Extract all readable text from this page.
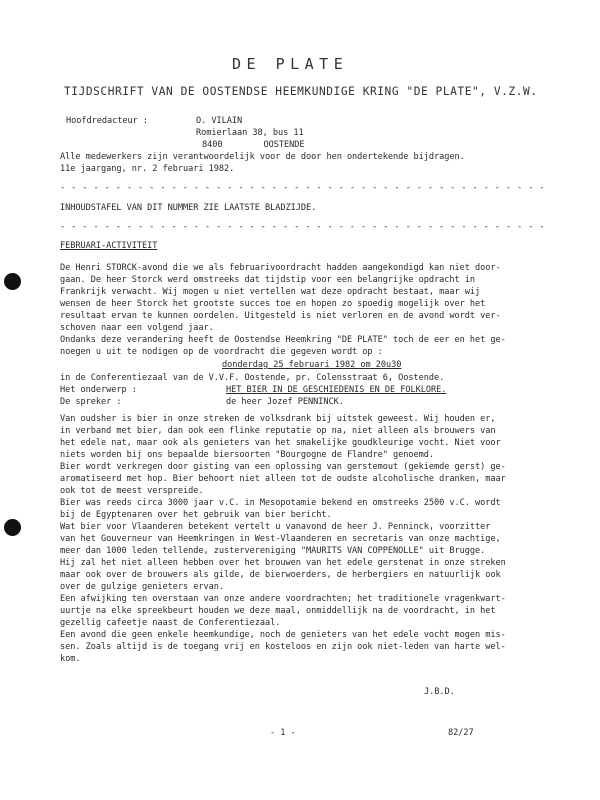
DE PLATE
TIJDSCHRIFT VAN DE OOSTENDSE HEEMKUNDIGE KRING "DE PLATE", V.Z.W.
Hoofdredacteur :	O. VILAIN
Romierlaan 38, bus 11
8400        OOSTENDE
Alle medewerkers zijn verantwoordelijk voor de door hen ondertekende bijdragen.
11e jaargang, nr. 2 februari 1982.
- - - - - - - - - - - - - - - - - - - - - - - - - - - - - - - - - - - - - - - - - - - -
INHOUDSTAFEL VAN DIT NUMMER ZIE LAATSTE BLADZIJDE.
- - - - - - - - - - - - - - - - - - - - - - - - - - - - - - - - - - - - - - - - - - - -
FEBRUARI-ACTIVITEIT
De Henri STORCK-avond die we als februarivoordracht hadden aangekondigd kan niet door-
gaan. De heer Storck werd omstreeks dat tijdstip voor een belangrijke opdracht in
Frankrijk verwacht. Wij mogen u niet vertellen wat deze opdracht bestaat, maar wij
wensen de heer Storck het grootste succes toe en hopen zo spoedig mogelijk over het
resultaat ervan te kunnen oordelen. Uitgesteld is niet verloren en de avond wordt ver-
schoven naar een volgend jaar.
Ondanks deze verandering heeft de Oostendse Heemkring "DE PLATE" toch de eer en het ge-
noegen u uit te nodigen op de voordracht die gegeven wordt op :
donderdag 25 februari 1982 om 20u30
in de Conferentiezaal van de V.V.F. Oostende, pr. Colensstraat 6, Oostende.
Het onderwerp :	HET BIER IN DE GESCHIEDENIS EN DE FOLKLORE.
De spreker :	de heer Jozef PENNINCK.
Van oudsher is bier in onze streken de volksdrank bij uitstek geweest. Wij houden er,
in verband met bier, dan ook een flinke reputatie op na, niet alleen als brouwers van
het edele nat, maar ook als genieters van het smakelijke goudkleurige vocht. Niet voor
niets worden bij ons bepaalde biersoorten "Bourgogne de Flandre" genoemd.
Bier wordt verkregen door gisting van een oplossing van gerstemout (gekiemde gerst) ge-
aromatiseerd met hop. Bier behoort niet alleen tot de oudste alcoholische dranken, maar
ook tot de meest verspreide.
Bier was reeds circa 3000 jaar v.C. in Mesopotamie bekend en omstreeks 2500 v.C. wordt
bij de Egyptenaren over het gebruik van bier bericht.
Wat bier voor Vlaanderen betekent vertelt u vanavond de heer J. Penninck, voorzitter
van het Gouverneur van Heemkringen in West-Vlaanderen en secretaris van onze machtige,
meer dan 1000 leden tellende, zustervereniging "MAURITS VAN COPPENOLLE" uit Brugge.
Hij zal het niet alleen hebben over het brouwen van het edele gerstenat in onze streken
maar ook over de brouwers als gilde, de bierwoerders, de herbergiers en natuurlijk ook
over de gulzige genieters ervan.
Een afwijking ten overstaan van onze andere voordrachten; het traditionele vragenkwart-
uurtje na elke spreekbeurt houden we deze maal, onmiddellijk na de voordracht, in het
gezellig cafeetje naast de Conferentiezaal.
Een avond die geen enkele heemkundige, noch de genieters van het edele vocht mogen mis-
sen. Zoals altijd is de toegang vrij en kosteloos en zijn ook niet-leden van harte wel-
kom.
J.B.D.
- 1 -	82/27
